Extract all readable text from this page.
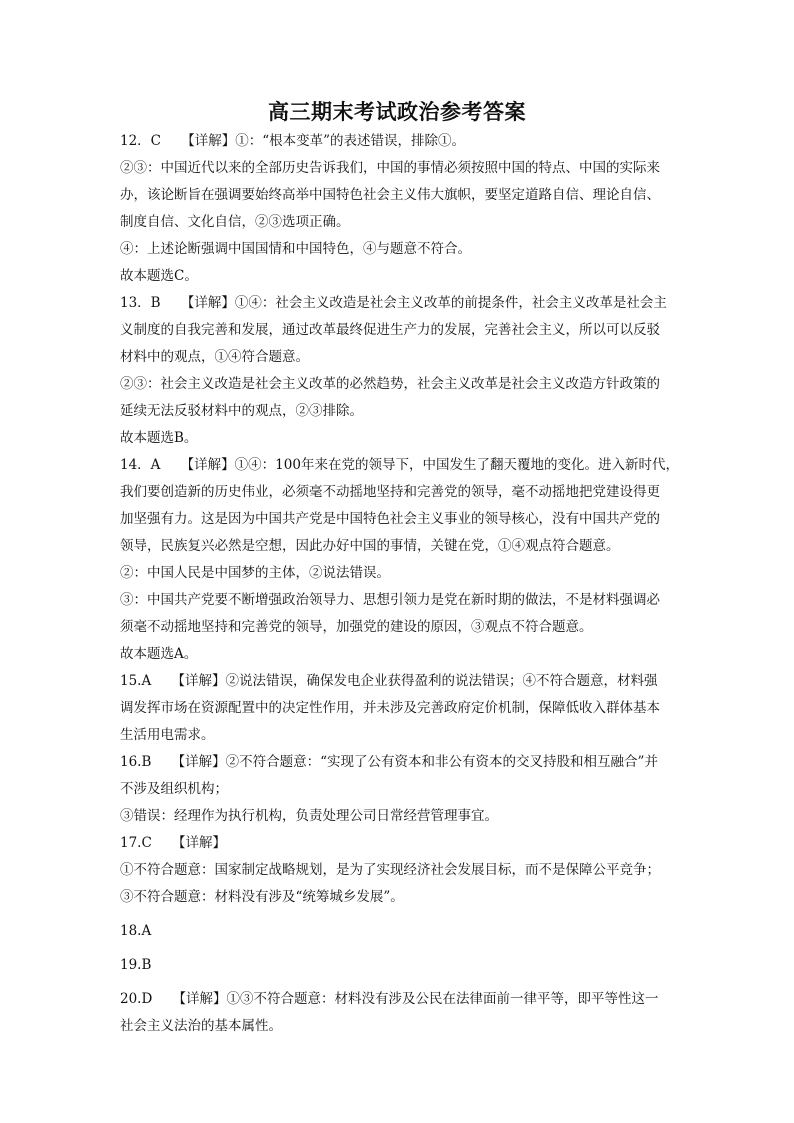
高三期末考试政治参考答案
12．C　　【详解】①：“根本变革”的表述错误，排除①。
②③：中国近代以来的全部历史告诉我们，中国的事情必须按照中国的特点、中国的实际来
办，该论断旨在强调要始终高举中国特色社会主义伟大旗帜，要坚定道路自信、理论自信、
制度自信、文化自信，②③选项正确。
④：上述论断强调中国国情和中国特色，④与题意不符合。
故本题选C。
13．B　　【详解】①④：社会主义改造是社会主义改革的前提条件，社会主义改革是社会主
义制度的自我完善和发展，通过改革最终促进生产力的发展，完善社会主义，所以可以反驳
材料中的观点，①④符合题意。
②③：社会主义改造是社会主义改革的必然趋势，社会主义改革是社会主义改造方针政策的
延续无法反驳材料中的观点，②③排除。
故本题选B。
14．A　　【详解】①④：100年来在党的领导下，中国发生了翻天覆地的变化。进入新时代，
我们要创造新的历史伟业，必须毫不动摇地坚持和完善党的领导，毫不动摇地把党建设得更
加坚强有力。这是因为中国共产党是中国特色社会主义事业的领导核心，没有中国共产党的
领导，民族复兴必然是空想，因此办好中国的事情，关键在党，①④观点符合题意。
②：中国人民是中国梦的主体，②说法错误。
③：中国共产党要不断增强政治领导力、思想引领力是党在新时期的做法，不是材料强调必
须毫不动摇地坚持和完善党的领导，加强党的建设的原因，③观点不符合题意。
故本题选A。
15.A　　【详解】②说法错误，确保发电企业获得盈利的说法错误；④不符合题意，材料强
调发挥市场在资源配置中的决定性作用，并未涉及完善政府定价机制，保障低收入群体基本
生活用电需求。
16.B　　【详解】②不符合题意：“实现了公有资本和非公有资本的交叉持股和相互融合”并
不涉及组织机构；
③错误：经理作为执行机构，负责处理公司日常经营管理事宜。
17.C　　【详解】
①不符合题意：国家制定战略规划，是为了实现经济社会发展目标，而不是保障公平竞争；
③不符合题意：材料没有涉及“统筹城乡发展”。
18.A
19.B
20.D　　【详解】①③不符合题意：材料没有涉及公民在法律面前一律平等，即平等性这一
社会主义法治的基本属性。
